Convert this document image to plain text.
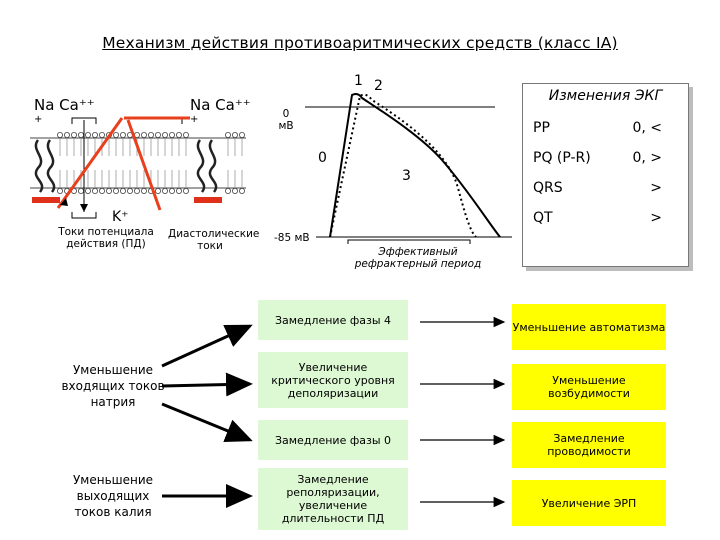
Механизм действия противоаритмических средств (класс IA)
Na Ca⁺⁺	Na Ca⁺⁺
+	+
K⁺
Токи потенциала действия (ПД)
Диастолические токи
0 мВ
-85 мВ
0
1 2
3
Эффективный рефрактерный период
Изменения ЭКГ
PP	0, <
PQ (P-R)	0, >
QRS	>
QT	>
Уменьшение входящих токов натрия
Уменьшение выходящих токов калия
Замедление фазы 4
Увеличение критического уровня деполяризации
Замедление фазы 0
Замедление реполяризации, увеличение длительности ПД
Уменьшение автоматизма
Уменьшение возбудимости
Замедление проводимости
Увеличение ЭРП
